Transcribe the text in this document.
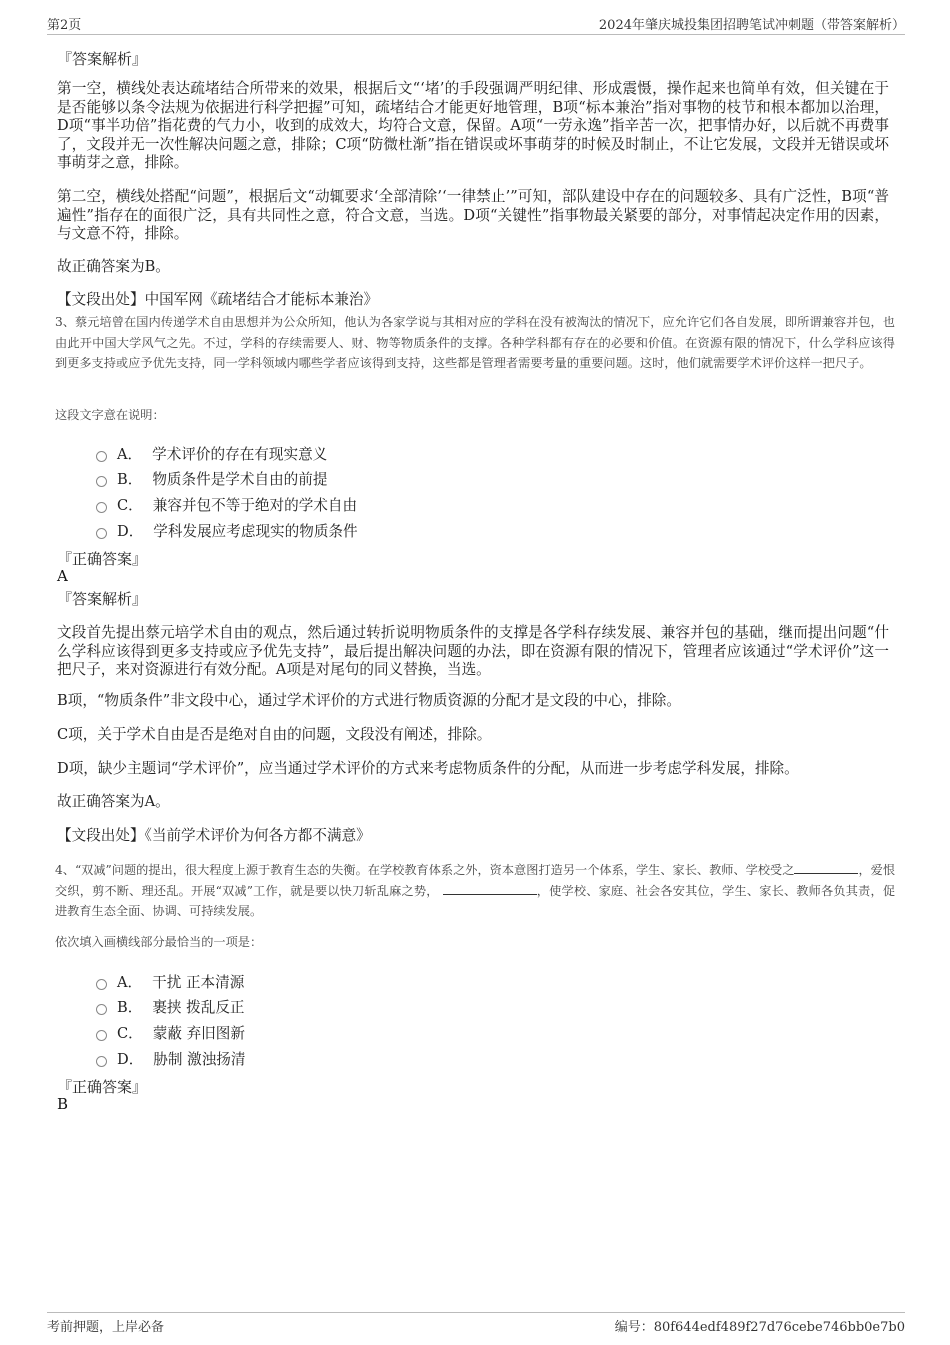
第2页	2024年肇庆城投集团招聘笔试冲刺题（带答案解析）
『答案解析』
第一空，横线处表达疏堵结合所带来的效果，根据后文“‘堵’的手段强调严明纪律、形成震慑，操作起来也简单有效，但关键在于是否能够以条令法规为依据进行科学把握”可知，疏堵结合才能更好地管理，B项“标本兼治”指对事物的枝节和根本都加以治理，D项“事半功倍”指花费的气力小，收到的成效大，均符合文意，保留。A项“一劳永逸”指辛苦一次，把事情办好，以后就不再费事了，文段并无一次性解决问题之意，排除；C项“防微杜渐”指在错误或坏事萌芽的时候及时制止，不让它发展，文段并无错误或坏事萌芽之意，排除。
第二空，横线处搭配“问题”，根据后文“动辄要求‘全部清除’‘一律禁止’”可知，部队建设中存在的问题较多、具有广泛性，B项“普遍性”指存在的面很广泛，具有共同性之意，符合文意，当选。D项“关键性”指事物最关紧要的部分，对事情起决定作用的因素，与文意不符，排除。
故正确答案为B。
【文段出处】中国军网《疏堵结合才能标本兼治》
3、蔡元培曾在国内传递学术自由思想并为公众所知，他认为各家学说与其相对应的学科在没有被淘汰的情况下，应允许它们各自发展，即所谓兼容并包，也由此开中国大学风气之先。不过，学科的存续需要人、财、物等物质条件的支撑。各种学科都有存在的必要和价值。在资源有限的情况下，什么学科应该得到更多支持或应予优先支持，同一学科领域内哪些学者应该得到支持，这些都是管理者需要考量的重要问题。这时，他们就需要学术评价这样一把尺子。
这段文字意在说明：
A． 学术评价的存在有现实意义
B． 物质条件是学术自由的前提
C． 兼容并包不等于绝对的学术自由
D． 学科发展应考虑现实的物质条件
『正确答案』
A
『答案解析』
文段首先提出蔡元培学术自由的观点，然后通过转折说明物质条件的支撑是各学科存续发展、兼容并包的基础，继而提出问题“什么学科应该得到更多支持或应予优先支持”，最后提出解决问题的办法，即在资源有限的情况下，管理者应该通过“学术评价”这一把尺子，来对资源进行有效分配。A项是对尾句的同义替换，当选。
B项，“物质条件”非文段中心，通过学术评价的方式进行物质资源的分配才是文段的中心，排除。
C项，关于学术自由是否是绝对自由的问题，文段没有阐述，排除。
D项，缺少主题词“学术评价”，应当通过学术评价的方式来考虑物质条件的分配，从而进一步考虑学科发展，排除。
故正确答案为A。
【文段出处】《当前学术评价为何各方都不满意》
4、“双减”问题的提出，很大程度上源于教育生态的失衡。在学校教育体系之外，资本意图打造另一个体系，学生、家长、教师、学校受之	，爱恨交织，剪不断、理还乱。开展“双减”工作，就是要以快刀斩乱麻之势，	，使学校、家庭、社会各安其位，学生、家长、教师各负其责，促进教育生态全面、协调、可持续发展。
依次填入画横线部分最恰当的一项是：
A． 干扰 正本清源
B． 裹挟 拨乱反正
C． 蒙蔽 弃旧图新
D． 胁制 激浊扬清
『正确答案』
B
考前押题，上岸必备	编号：80f644edf489f27d76cebe746bb0e7b0
